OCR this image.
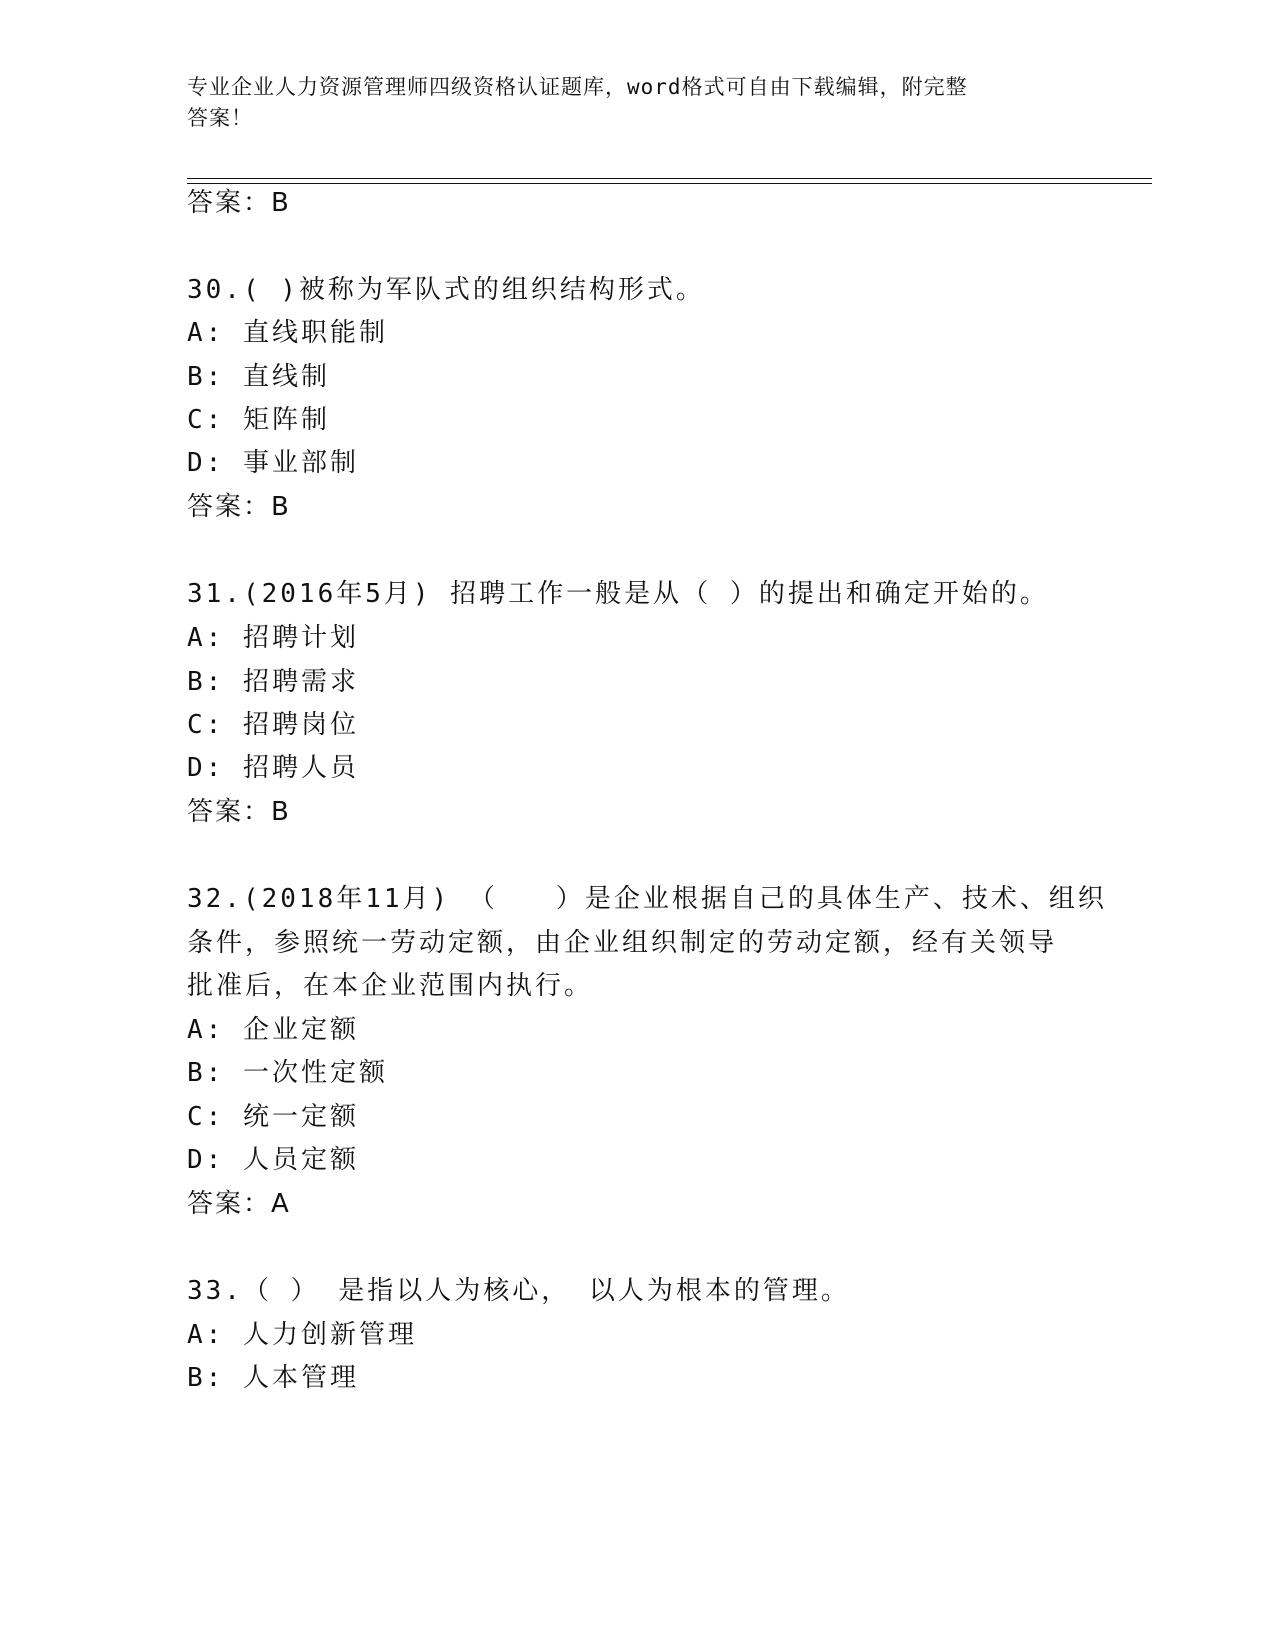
专业企业人力资源管理师四级资格认证题库，word格式可自由下载编辑，附完整
答案！
答案：B
30.( )被称为军队式的组织结构形式。
A: 直线职能制
B: 直线制
C: 矩阵制
D: 事业部制
答案：B
31.(2016年5月) 招聘工作一般是从（ ）的提出和确定开始的。
A: 招聘计划
B: 招聘需求
C: 招聘岗位
D: 招聘人员
答案：B
32.(2018年11月) （　　）是企业根据自己的具体生产、技术、组织
条件，参照统一劳动定额，由企业组织制定的劳动定额，经有关领导
批准后，在本企业范围内执行。
A: 企业定额
B: 一次性定额
C: 统一定额
D: 人员定额
答案：A
33.（ ） 是指以人为核心， 以人为根本的管理。
A: 人力创新管理
B: 人本管理
